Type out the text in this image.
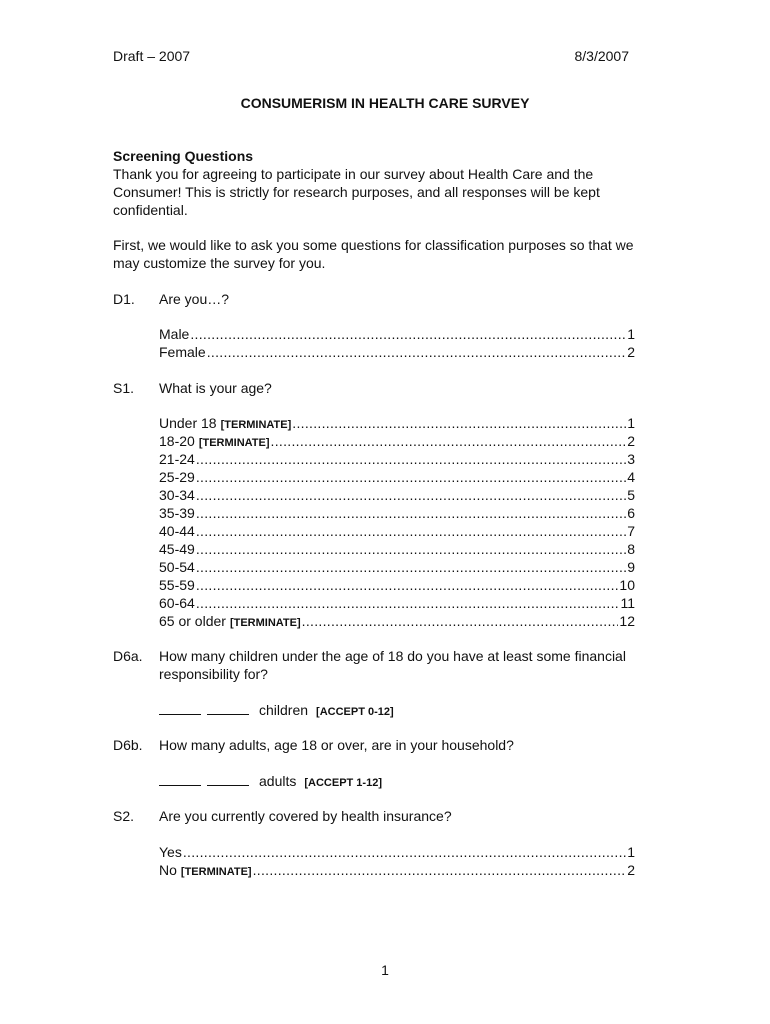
Draft – 2007	8/3/2007
CONSUMERISM IN HEALTH CARE SURVEY
Screening Questions

Thank you for agreeing to participate in our survey about Health Care and the Consumer! This is strictly for research purposes, and all responses will be kept confidential.

First, we would like to ask you some questions for classification purposes so that we may customize the survey for you.

D1. Are you…?
Male .....	1
Female .....	2
S1. What is your age?
Under 18 [TERMINATE] .....	1
18-20 [TERMINATE] .....	2
21-24 .....	3
25-29 .....	4
30-34 .....	5
35-39 .....	6
40-44 .....	7
45-49 .....	8
50-54 .....	9
55-59 .....	10
60-64 .....	11
65 or older [TERMINATE] .....	12
D6a. How many children under the age of 18 do you have at least some financial responsibility for?
children [ACCEPT 0-12]
D6b. How many adults, age 18 or over, are in your household?
adults [ACCEPT 1-12]
S2. Are you currently covered by health insurance?
Yes .....	1
No [TERMINATE] .....	2
1
